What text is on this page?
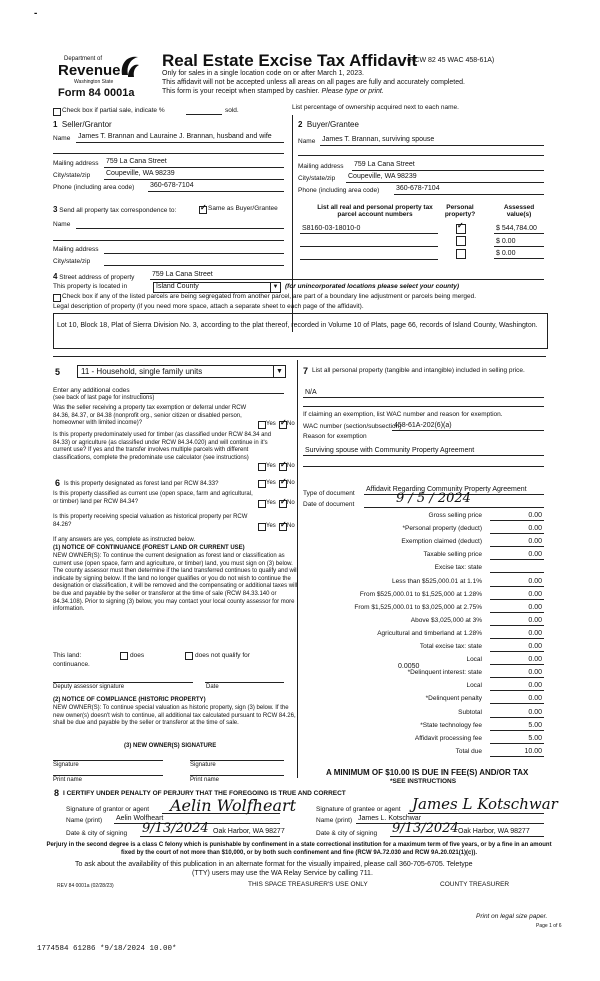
Department of
Revenue
Washington State
Form 84 0001a
Real Estate Excise Tax Affidavit
(RCW 82 45 WAC 458-61A)
Only for sales in a single location code on or after March 1, 2023.
This affidavit will not be accepted unless all areas on all pages are fully and accurately completed.
This form is your receipt when stamped by cashier. Please type or print.
-
Check box if partial sale, indicate %	sold.	List percentage of ownership acquired next to each name.
1 Seller/Grantor
Name James T. Brannan and Lauraine J. Brannan, husband and wife
Mailing address 759 La Cana Street
City/state/zip Coupeville, WA 98239
Phone (including area code) 360-678-7104
2 Buyer/Grantee
Name James T. Brannan, surviving spouse
Mailing address 759 La Cana Street
City/state/zip Coupeville, WA 98239
Phone (including area code) 360-678-7104
3 Send all property tax correspondence to: ✓	Same as Buyer/Grantee
Name
Mailing address
City/state/zip
List all real and personal property tax
parcel account numbers
Personal
property?
Assessed
value(s)
S8160-03-18010-0 ✓	$ 544,784.00
$ 0.00
$ 0.00
4 Street address of property	759 La Cana Street
This property is located in	Island County	▼ (for unincorporated locations please select your county)
Check box if any of the listed parcels are being segregated from another parcel, are part of a boundary line adjustment or parcels being merged.
Legal description of property (if you need more space, attach a separate sheet to each page of the affidavit).
Lot 10, Block 18, Plat of Sierra Division No. 3, according to the plat thereof, recorded in Volume 10 of Plats, page 66, records of Island County, Washington.
5	11 - Household, single family units	▼
Enter any additional codes
(see back of last page for instructions)
Was the seller receiving a property tax exemption or deferral under RCW 84.36, 84.37, or 84.38 (nonprofit org., senior citizen or disabled person, homeowner with limited income)?	Yes ✓ No
Is this property predominately used for timber (as classified under RCW 84.34 and 84.33) or agriculture (as classified under RCW 84.34.020) and will continue in it's current use? If yes and the transfer involves multiple parcels with different classifications, complete the predominate use calculator (see instructions)
Yes ✓ No
6 Is this property designated as forest land per RCW 84.33?	Yes ✓ No
Is this property classified as current use (open space, farm and agricultural, or timber) land per RCW 84.34?	Yes ✓ No
Is this property receiving special valuation as historical property per RCW 84.26?	Yes ✓ No
If any answers are yes, complete as instructed below.
(1) NOTICE OF CONTINUANCE (FOREST LAND OR CURRENT USE)
NEW OWNER(S): To continue the current designation as forest land or classification as current use (open space, farm and agriculture, or timber) land, you must sign on (3) below. The county assessor must then determine if the land transferred continues to qualify and will indicate by signing below. If the land no longer qualifies or you do not wish to continue the designation or classification, it will be removed and the compensating or additional taxes will be due and payable by the seller or transferor at the time of sale (RCW 84.33.140 or 84.34.108). Prior to signing (3) below, you may contact your local county assessor for more information.
This land:	does	does not qualify for
continuance.
Deputy assessor signature	Date
(2) NOTICE OF COMPLIANCE (HISTORIC PROPERTY)
NEW OWNER(S): To continue special valuation as historic property, sign (3) below. If the new owner(s) doesn't wish to continue, all additional tax calculated pursuant to RCW 84.26, shall be due and payable by the seller or transferor at the time of sale.
(3) NEW OWNER(S) SIGNATURE
Signature	Signature
Print name	Print name
7 List all personal property (tangible and intangible) included in selling price.
N/A
If claiming an exemption, list WAC number and reason for exemption.
WAC number (section/subsection)
458-61A-202(6)(a)
Reason for exemption
Surviving spouse with Community Property Agreement
Type of document
Affidavit Regarding Community Property Agreement
Date of document	9 / 5 / 2024
Gross selling price	0.00
*Personal property (deduct)	0.00
Exemption claimed (deduct)	0.00
Taxable selling price	0.00
Excise tax: state
Less than $525,000.01 at 1.1%	0.00
From $525,000.01 to $1,525,000 at 1.28%	0.00
From $1,525,000.01 to $3,025,000 at 2.75%	0.00
Above $3,025,000 at 3%	0.00
Agricultural and timberland at 1.28%	0.00
Total excise tax: state	0.00
Local	0.00
*Delinquent interest: state	0.00
Local	0.00
*Delinquent penalty	0.00
Subtotal	0.00
*State technology fee	5.00
Affidavit processing fee	5.00
Total due	10.00
0.0050
A MINIMUM OF $10.00 IS DUE IN FEE(S) AND/OR TAX
*SEE INSTRUCTIONS
8 I CERTIFY UNDER PENALTY OF PERJURY THAT THE FOREGOING IS TRUE AND CORRECT
Signature of grantor or agent Aelin Wolfheart	Signature of grantee or agent James L Kotschwar
Name (print) Aelin Wolfheart	Name (print) James L. Kotschwar
Date & city of signing 9/13/2024 Oak Harbor, WA 98277	Date & city of signing 9/13/2024 Oak Harbor, WA 98277
Perjury in the second degree is a class C felony which is punishable by confinement in a state correctional institution for a maximum term of five years, or by a fine in an amount fixed by the court of not more than $10,000, or by both such confinement and fine (RCW 9A.72.030 and RCW 9A.20.021(1)(c)).
To ask about the availability of this publication in an alternate format for the visually impaired, please call 360-705-6705. Teletype
(TTY) users may use the WA Relay Service by calling 711.
REV 84 0001a (02/28/23)	THIS SPACE TREASURER'S USE ONLY	COUNTY TREASURER
Print on legal size paper.
Page 1 of 6
1774584 61286 *9/18/2024 10.00*
